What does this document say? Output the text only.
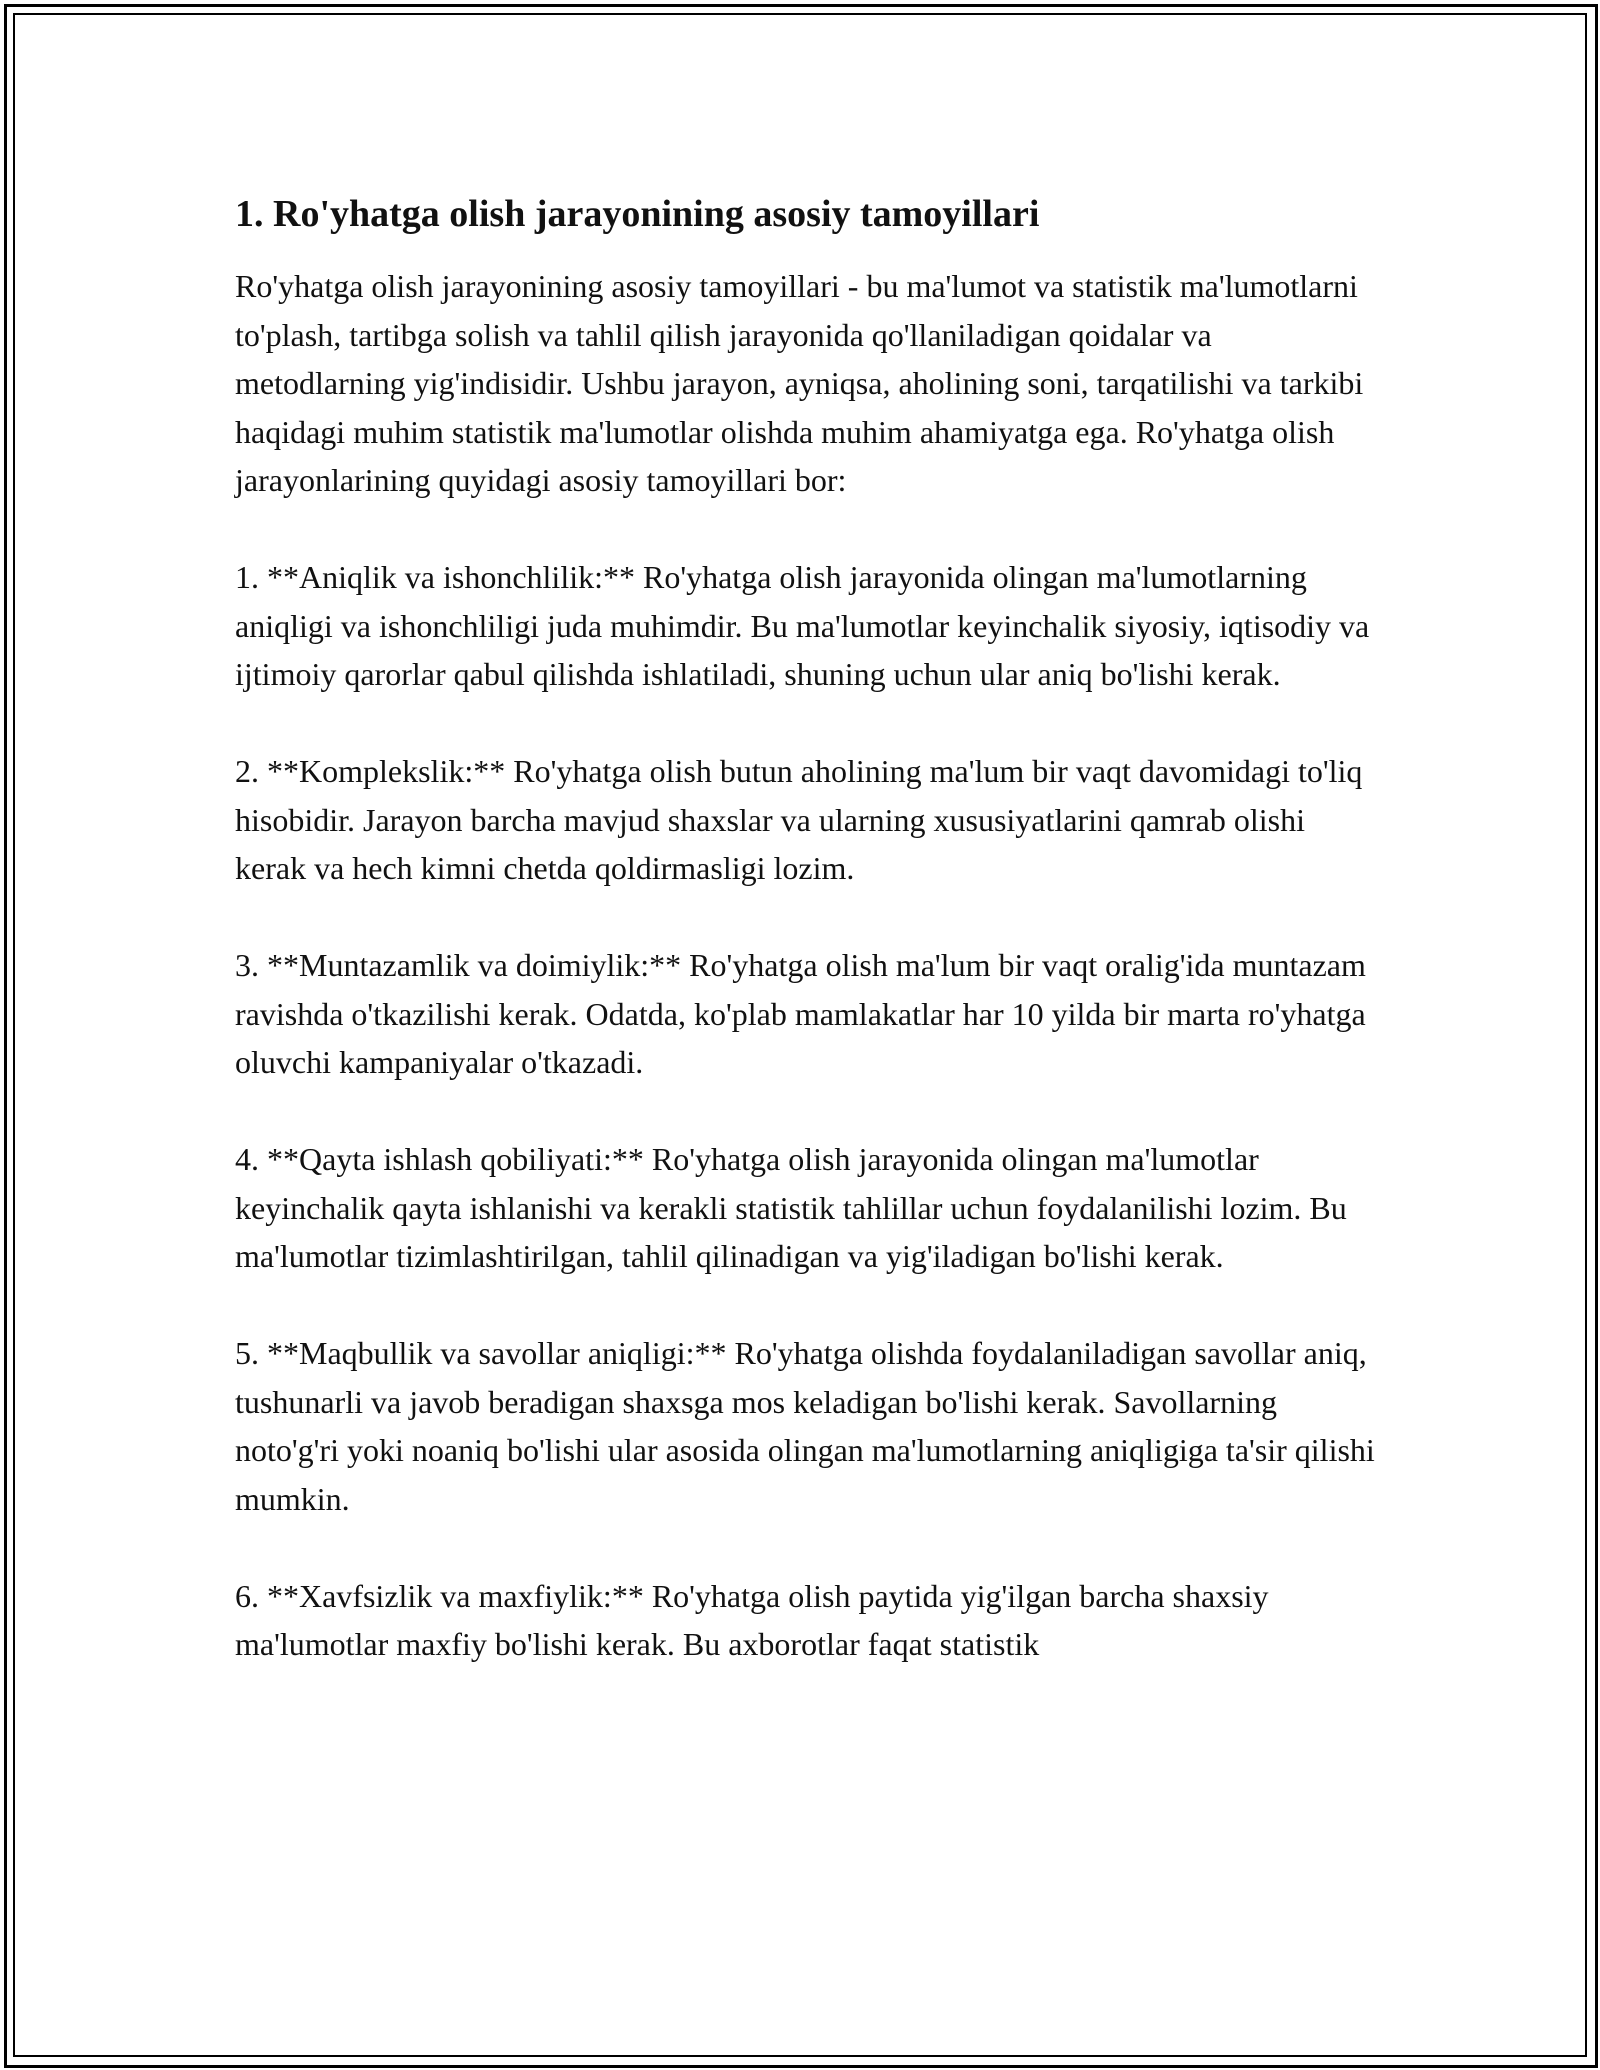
1. Ro'yhatga olish jarayonining asosiy tamoyillari

Ro'yhatga olish jarayonining asosiy tamoyillari - bu ma'lumot va statistik ma'lumotlarni to'plash, tartibga solish va tahlil qilish jarayonida qo'llaniladigan qoidalar va metodlarning yig'indisidir. Ushbu jarayon, ayniqsa, aholining soni, tarqatilishi va tarkibi haqidagi muhim statistik ma'lumotlar olishda muhim ahamiyatga ega. Ro'yhatga olish jarayonlarining quyidagi asosiy tamoyillari bor:

1. **Aniqlik va ishonchlilik:** Ro'yhatga olish jarayonida olingan ma'lumotlarning aniqligi va ishonchliligi juda muhimdir. Bu ma'lumotlar keyinchalik siyosiy, iqtisodiy va ijtimoiy qarorlar qabul qilishda ishlatiladi, shuning uchun ular aniq bo'lishi kerak.

2. **Komplekslik:** Ro'yhatga olish butun aholining ma'lum bir vaqt davomidagi to'liq hisobidir. Jarayon barcha mavjud shaxslar va ularning xususiyatlarini qamrab olishi kerak va hech kimni chetda qoldirmasligi lozim.

3. **Muntazamlik va doimiylik:** Ro'yhatga olish ma'lum bir vaqt oralig'ida muntazam ravishda o'tkazilishi kerak. Odatda, ko'plab mamlakatlar har 10 yilda bir marta ro'yhatga oluvchi kampaniyalar o'tkazadi.

4. **Qayta ishlash qobiliyati:** Ro'yhatga olish jarayonida olingan ma'lumotlar keyinchalik qayta ishlanishi va kerakli statistik tahlillar uchun foydalanilishi lozim. Bu ma'lumotlar tizimlashtirilgan, tahlil qilinadigan va yig'iladigan bo'lishi kerak.

5. **Maqbullik va savollar aniqligi:** Ro'yhatga olishda foydalaniladigan savollar aniq, tushunarli va javob beradigan shaxsga mos keladigan bo'lishi kerak. Savollarning noto'g'ri yoki noaniq bo'lishi ular asosida olingan ma'lumotlarning aniqligiga ta'sir qilishi mumkin.

6. **Xavfsizlik va maxfiylik:** Ro'yhatga olish paytida yig'ilgan barcha shaxsiy ma'lumotlar maxfiy bo'lishi kerak. Bu axborotlar faqat statistik
